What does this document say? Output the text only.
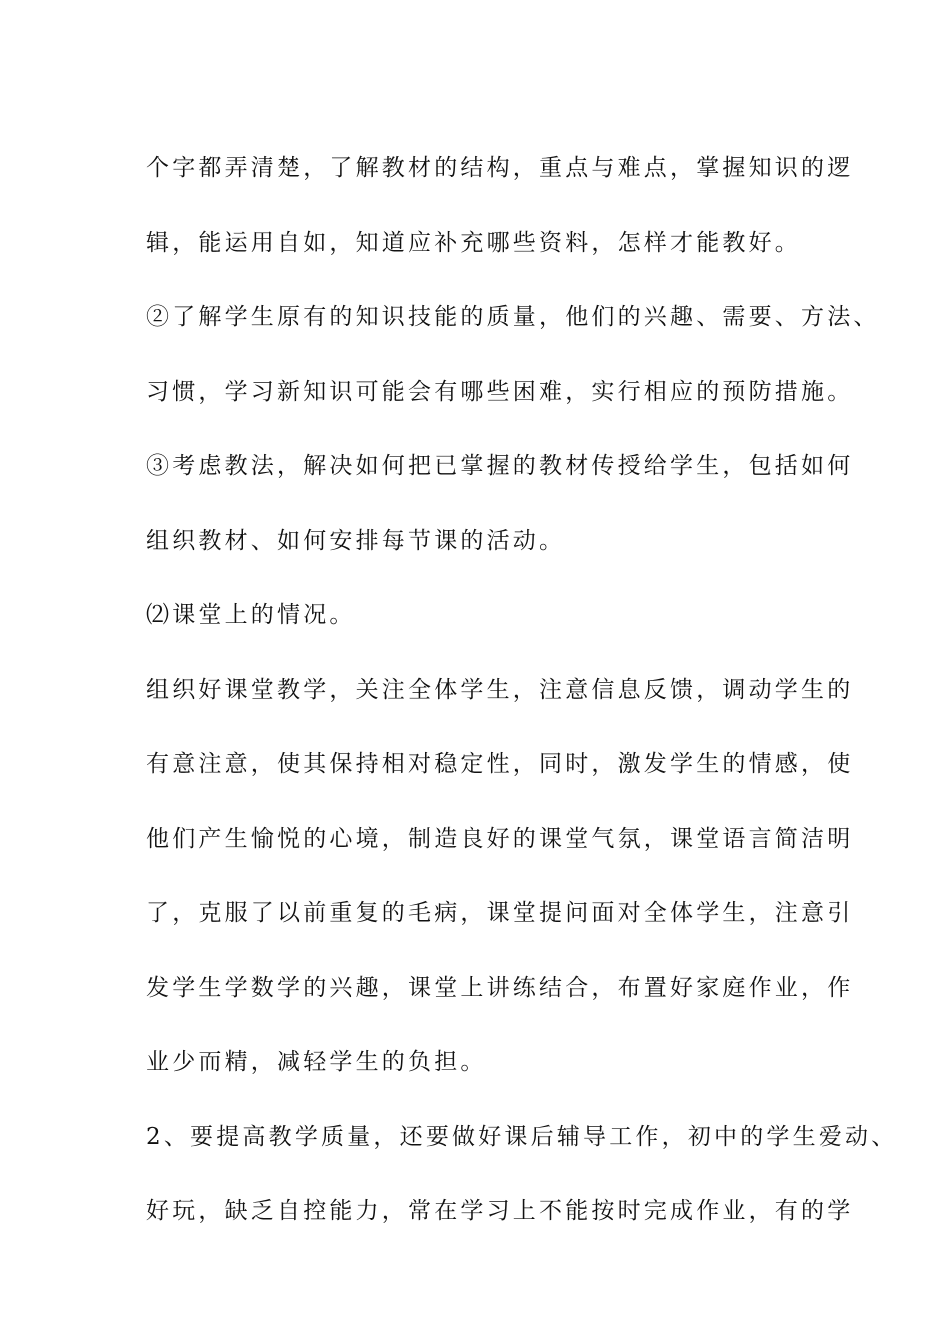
个字都弄清楚，了解教材的结构，重点与难点，掌握知识的逻

辑，能运用自如，知道应补充哪些资料，怎样才能教好。

②了解学生原有的知识技能的质量，他们的兴趣、需要、方法、

习惯，学习新知识可能会有哪些困难，实行相应的预防措施。

③考虑教法，解决如何把已掌握的教材传授给学生，包括如何

组织教材、如何安排每节课的活动。

⑵课堂上的情况。

组织好课堂教学，关注全体学生，注意信息反馈，调动学生的

有意注意，使其保持相对稳定性，同时，激发学生的情感，使

他们产生愉悦的心境，制造良好的课堂气氛，课堂语言简洁明

了，克服了以前重复的毛病，课堂提问面对全体学生，注意引

发学生学数学的兴趣，课堂上讲练结合，布置好家庭作业，作

业少而精，减轻学生的负担。

2、要提高教学质量，还要做好课后辅导工作，初中的学生爱动、

好玩，缺乏自控能力，常在学习上不能按时完成作业，有的学
